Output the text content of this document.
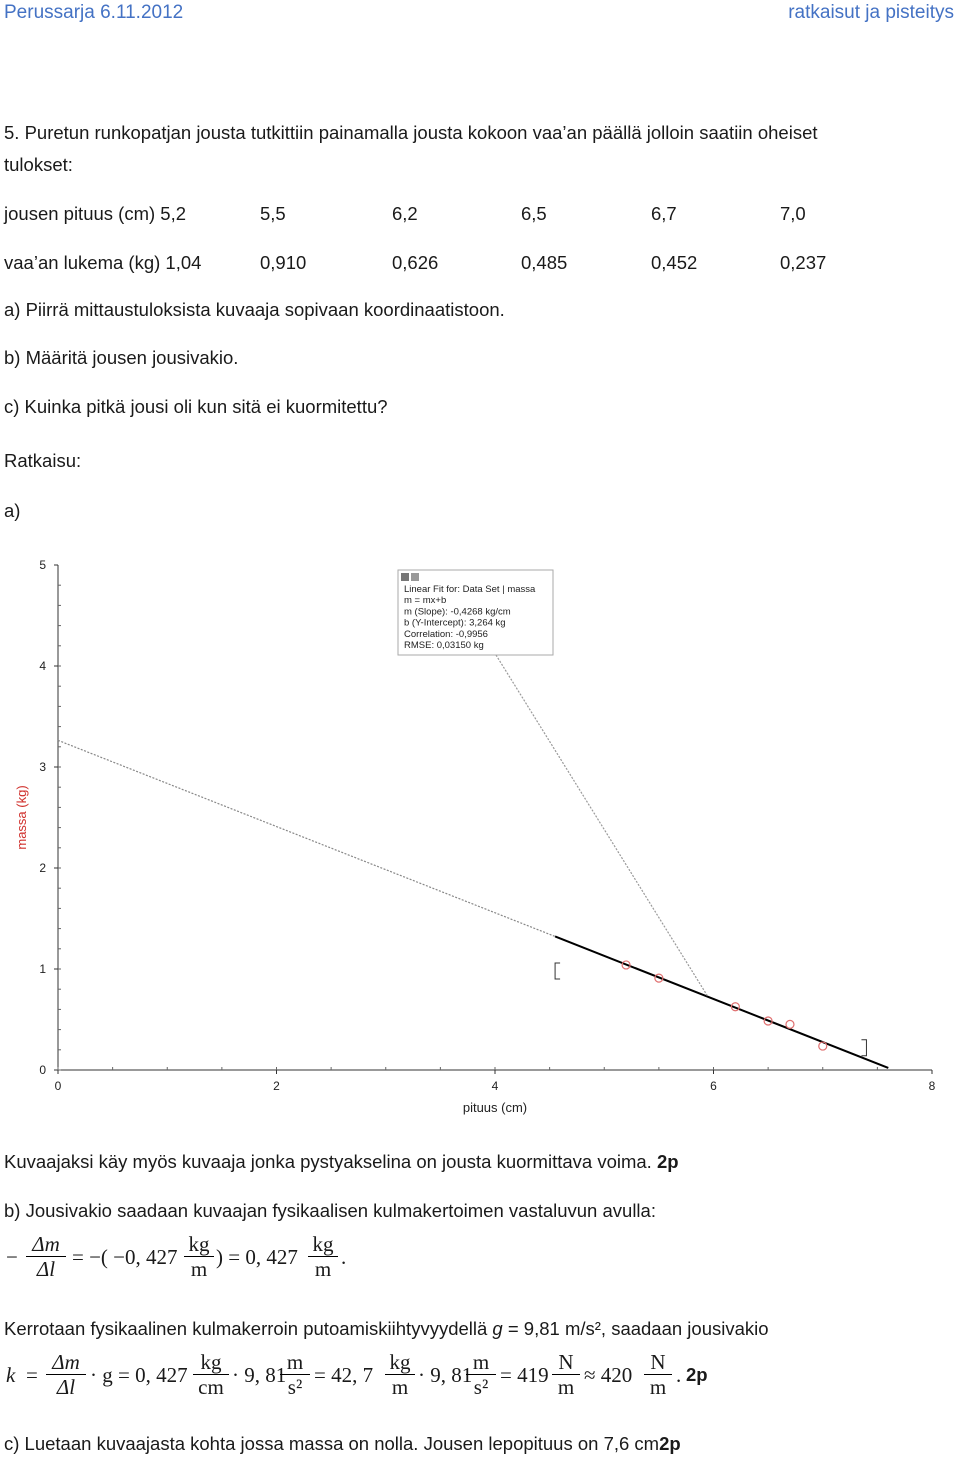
Perussarja 6.11.2012	ratkaisut ja pisteitys
5. Puretun runkopatjan jousta tutkittiin painamalla jousta kokoon vaa’an päällä jolloin saatiin oheiset
tulokset:
jousen pituus (cm) 5,2	5,5	6,2	6,5	6,7	7,0
vaa’an lukema (kg) 1,04	0,910	0,626	0,485	0,452	0,237
a) Piirrä mittaustuloksista kuvaaja sopivaan koordinaatistoon.
b) Määritä jousen jousivakio.
c) Kuinka pitkä jousi oli kun sitä ei kuormitettu?
Ratkaisu:
a)
0
1
2
3
4
5
0	2	4	6	8
pituus (cm)
massa (kg)
Linear Fit for: Data Set | massa
m = mx+b
m (Slope): -0,4268 kg/cm
b (Y-Intercept): 3,264 kg
Correlation: -0,9956
RMSE: 0,03150 kg
Kuvaajaksi käy myös kuvaaja jonka pystyakselina on jousta kuormittava voima. 2p
b) Jousivakio saadaan kuvaajan fysikaalisen kulmakertoimen vastaluvun avulla:
− $\frac{\Delta m}{\Delta l}$ = −( −0, $427 \frac{kg}{m}$ ) = 0, $427 \frac{kg}{m}$ .
Kerrotaan fysikaalinen kulmakerroin putoamiskiihtyvyydellä g = 9,81 m/s², saadaan jousivakio
$k = \frac{\Delta m}{\Delta l} \cdot g = 0$, $427 \frac{kg}{cm} \cdot 9$, 81
$\frac{m}{\text{s²}} = 42$, $7 \frac{kg}{m} \cdot 9$, 81
$\frac{m}{\text{s²}} = 419 \frac{N}{m} \approx 420 \frac{N}{m}$ . 2p
c) Luetaan kuvaajasta kohta jossa massa on nolla. Jousen lepopituus on 7,6 cm2p
